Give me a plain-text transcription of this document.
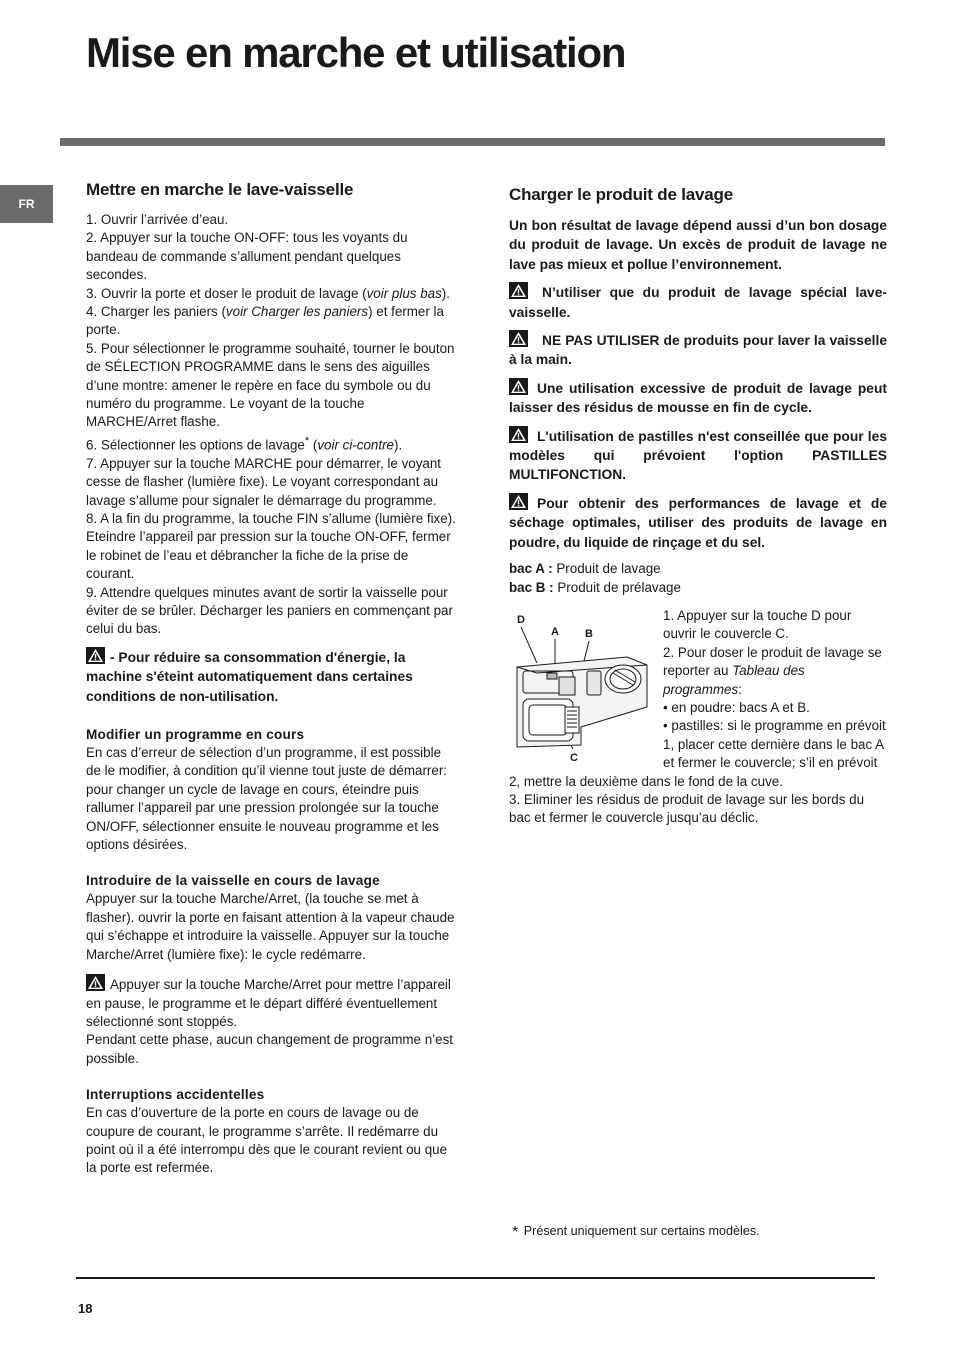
Mise en marche et utilisation
FR
Mettre en marche le lave-vaisselle

1. Ouvrir l’arrivée d’eau.

2. Appuyer sur la touche ON-OFF: tous les voyants du bandeau de commande s’allument pendant quelques secondes.

3. Ouvrir la porte et doser le produit de lavage (voir plus bas).

4. Charger les paniers (voir Charger les paniers) et fermer la porte.

5. Pour sélectionner le programme souhaité, tourner le bouton de SÉLECTION PROGRAMME dans le sens des aiguilles d’une montre: amener le repère en face du symbole ou du numéro du programme. Le voyant de la touche MARCHE/Arret flashe.

6. Sélectionner les options de lavage* (voir ci-contre).

7. Appuyer sur la touche MARCHE pour démarrer, le voyant cesse de flasher (lumière fixe). Le voyant correspondant au lavage s’allume pour signaler le démarrage du programme.

8. A la fin du programme, la touche FIN s’allume (lumière fixe). Eteindre l’appareil par pression sur la touche ON-OFF, fermer le robinet de l’eau et débrancher la fiche de la prise de courant.

9. Attendre quelques minutes avant de sortir la vaisselle pour éviter de se brûler. Décharger les paniers en commençant par celui du bas.

- Pour réduire sa consommation d'énergie, la machine s'éteint automatiquement dans certaines conditions de non-utilisation.

Modifier un programme en cours

En cas d’erreur de sélection d’un programme, il est possible de le modifier, à condition qu’il vienne tout juste de démarrer: pour changer un cycle de lavage en cours, éteindre puis rallumer l’appareil par une pression prolongée sur la touche ON/OFF, sélectionner ensuite le nouveau programme et les options désirées.

Introduire de la vaisselle en cours de lavage

Appuyer sur la touche Marche/Arret, (la touche se met à flasher). ouvrir la porte en faisant attention à la vapeur chaude qui s’échappe et introduire la vaisselle. Appuyer sur la touche Marche/Arret (lumière fixe): le cycle redémarre.

Appuyer sur la touche Marche/Arret pour mettre l’appareil en pause, le programme et le départ différé éventuellement sélectionné sont stoppés.

Pendant cette phase, aucun changement de programme n’est possible.

Interruptions accidentelles

En cas d’ouverture de la porte en cours de lavage ou de coupure de courant, le programme s’arrête. Il redémarre du point où il a été interrompu dès que le courant revient ou que la porte est refermée.

Charger le produit de lavage

Un bon résultat de lavage dépend aussi d’un bon dosage du produit de lavage. Un excès de produit de lavage ne lave pas mieux et pollue l’environnement.

N’utiliser que du produit de lavage spécial lave-vaisselle.

NE PAS UTILISER de produits pour laver la vaisselle à la main.

Une utilisation excessive de produit de lavage peut laisser des résidus de mousse en fin de cycle.

L'utilisation de pastilles n'est conseillée que pour les modèles qui prévoient l'option PASTILLES MULTIFONCTION.

Pour obtenir des performances de lavage et de séchage optimales, utiliser des produits de lavage en poudre, du liquide de rinçage et du sel.

bac A : Produit de lavage

bac B : Produit de prélavage

D
A B
C

1. Appuyer sur la touche D pour ouvrir le couvercle C.

2. Pour doser le produit de lavage se reporter au Tableau des programmes:

• en poudre: bacs A et B.

• pastilles: si le programme en prévoit 1, placer cette dernière dans le bac A et fermer le couvercle; s’il en prévoit 2, mettre la deuxième dans le fond de la cuve.

3. Eliminer les résidus de produit de lavage sur les bords du bac et fermer le couvercle jusqu’au déclic.

* Présent uniquement sur certains modèles.
18
